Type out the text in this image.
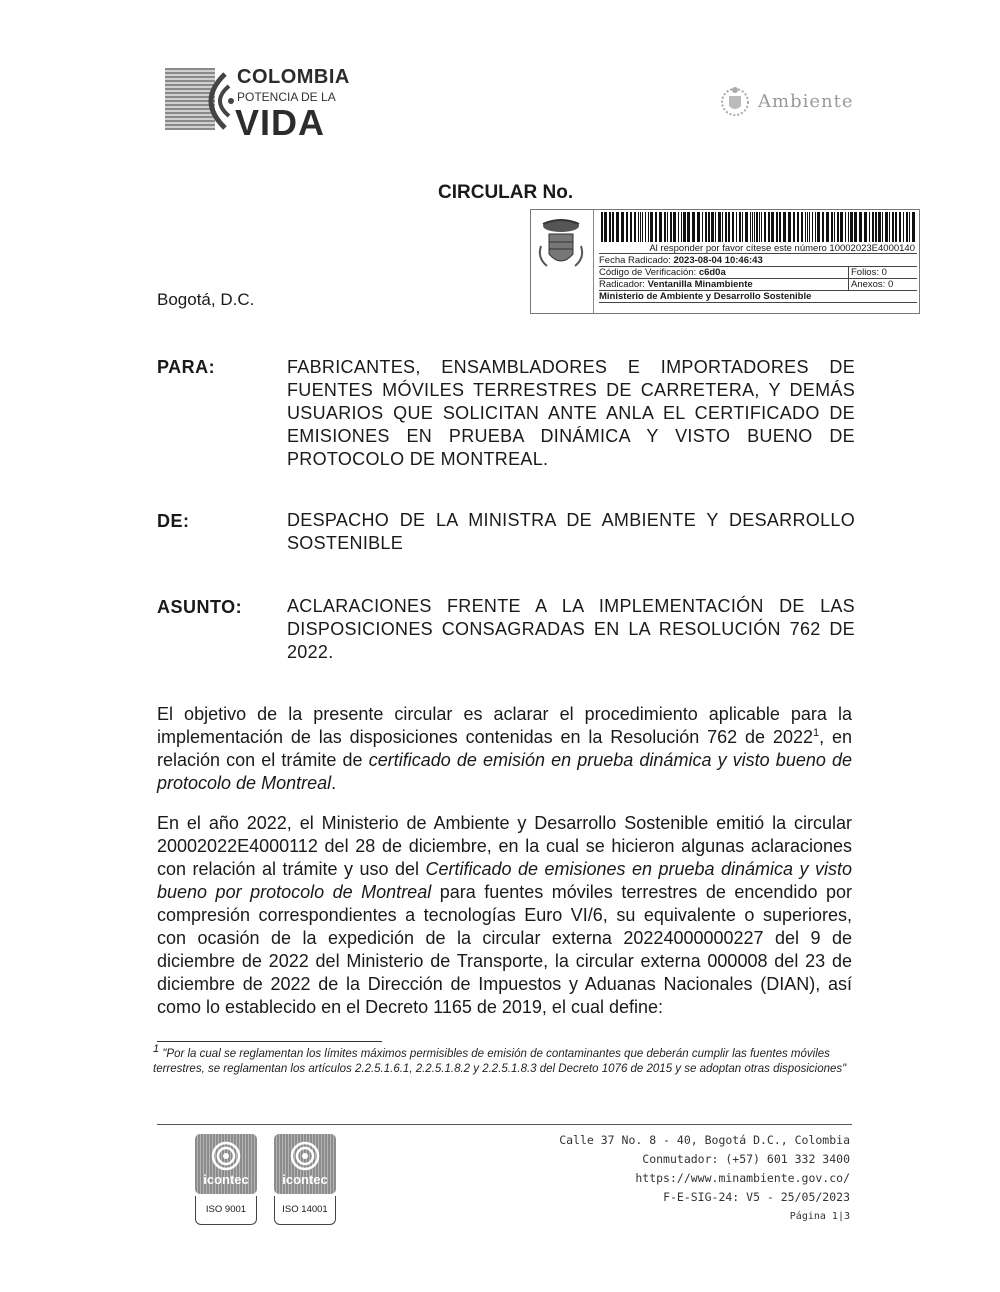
COLOMBIA
POTENCIA DE LA
VIDA
Ambiente
CIRCULAR No.
Al responder por favor cítese este número 10002023E4000140
Fecha Radicado: 2023-08-04 10:46:43
Código de Verificación: c6d0a
Radicador: Ventanilla Minambiente
Ministerio de Ambiente y Desarrollo Sostenible
Folios: 0
Anexos: 0
Bogotá, D.C.
PARA:	FABRICANTES, ENSAMBLADORES E IMPORTADORES DE FUENTES MÓVILES TERRESTRES DE CARRETERA, Y DEMÁS USUARIOS QUE SOLICITAN ANTE ANLA EL CERTIFICADO DE EMISIONES EN PRUEBA DINÁMICA Y VISTO BUENO DE PROTOCOLO DE MONTREAL.
DE:	DESPACHO DE LA MINISTRA DE AMBIENTE Y DESARROLLO SOSTENIBLE
ASUNTO: ACLARACIONES FRENTE A LA IMPLEMENTACIÓN DE LAS DISPOSICIONES CONSAGRADAS EN LA RESOLUCIÓN 762 DE 2022.
El objetivo de la presente circular es aclarar el procedimiento aplicable para la implementación de las disposiciones contenidas en la Resolución 762 de 2022$^1$, en relación con el trámite de certificado de emisión en prueba dinámica y visto bueno de protocolo de Montreal.
En el año 2022, el Ministerio de Ambiente y Desarrollo Sostenible emitió la circular 20002022E4000112 del 28 de diciembre, en la cual se hicieron algunas aclaraciones con relación al trámite y uso del Certificado de emisiones en prueba dinámica y visto bueno por protocolo de Montreal para fuentes móviles terrestres de encendido por compresión correspondientes a tecnologías Euro VI/6, su equivalente o superiores, con ocasión de la expedición de la circular externa 20224000000227 del 9 de diciembre de 2022 del Ministerio de Transporte, la circular externa 000008 del 23 de diciembre de 2022 de la Dirección de Impuestos y Aduanas Nacionales (DIAN), así como lo establecido en el Decreto 1165 de 2019, el cual define:
$^1$ "Por la cual se reglamentan los límites máximos permisibles de emisión de contaminantes que deberán cumplir las fuentes móviles terrestres, se reglamentan los artículos 2.2.5.1.6.1, 2.2.5.1.8.2 y 2.2.5.1.8.3 del Decreto 1076 de 2015 y se adoptan otras disposiciones"
icontec
ISO 9001
icontec
ISO 14001
Calle 37 No. 8 - 40, Bogotá D.C., Colombia
Conmutador: (+57) 601 332 3400
https://www.minambiente.gov.co/
F-E-SIG-24: V5 - 25/05/2023
Página 1|3
